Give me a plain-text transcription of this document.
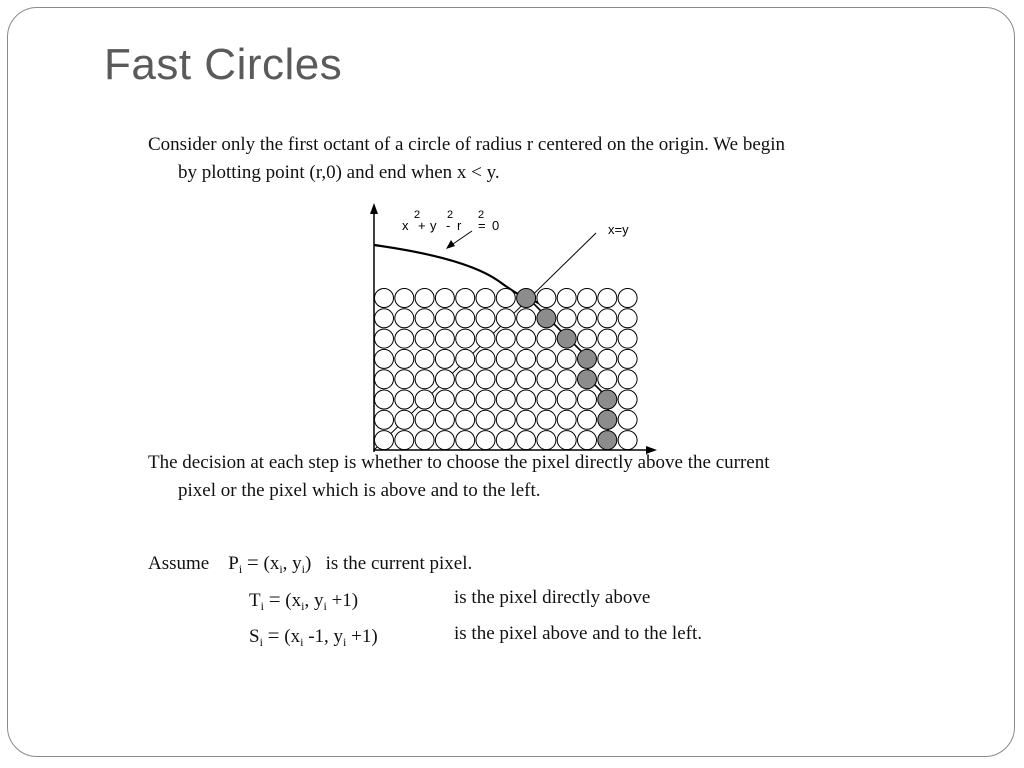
Fast Circles
Consider only the first octant of a circle of radius r centered on the origin. We begin

by plotting point (r,0) and end when x < y.
x
2
+ y
2
- r
2
= 0	x=y
The decision at each step is whether to choose the pixel directly above the current

pixel or the pixel which is above and to the left.
Assume $P_i = (x_i$, $y_i$)   is the current pixel.
$T_i = (x_i$, $y_i +1$)	is the pixel directly above
$S_i = (x_i$ -1, $y_i +1$)	is the pixel above and to the left.
